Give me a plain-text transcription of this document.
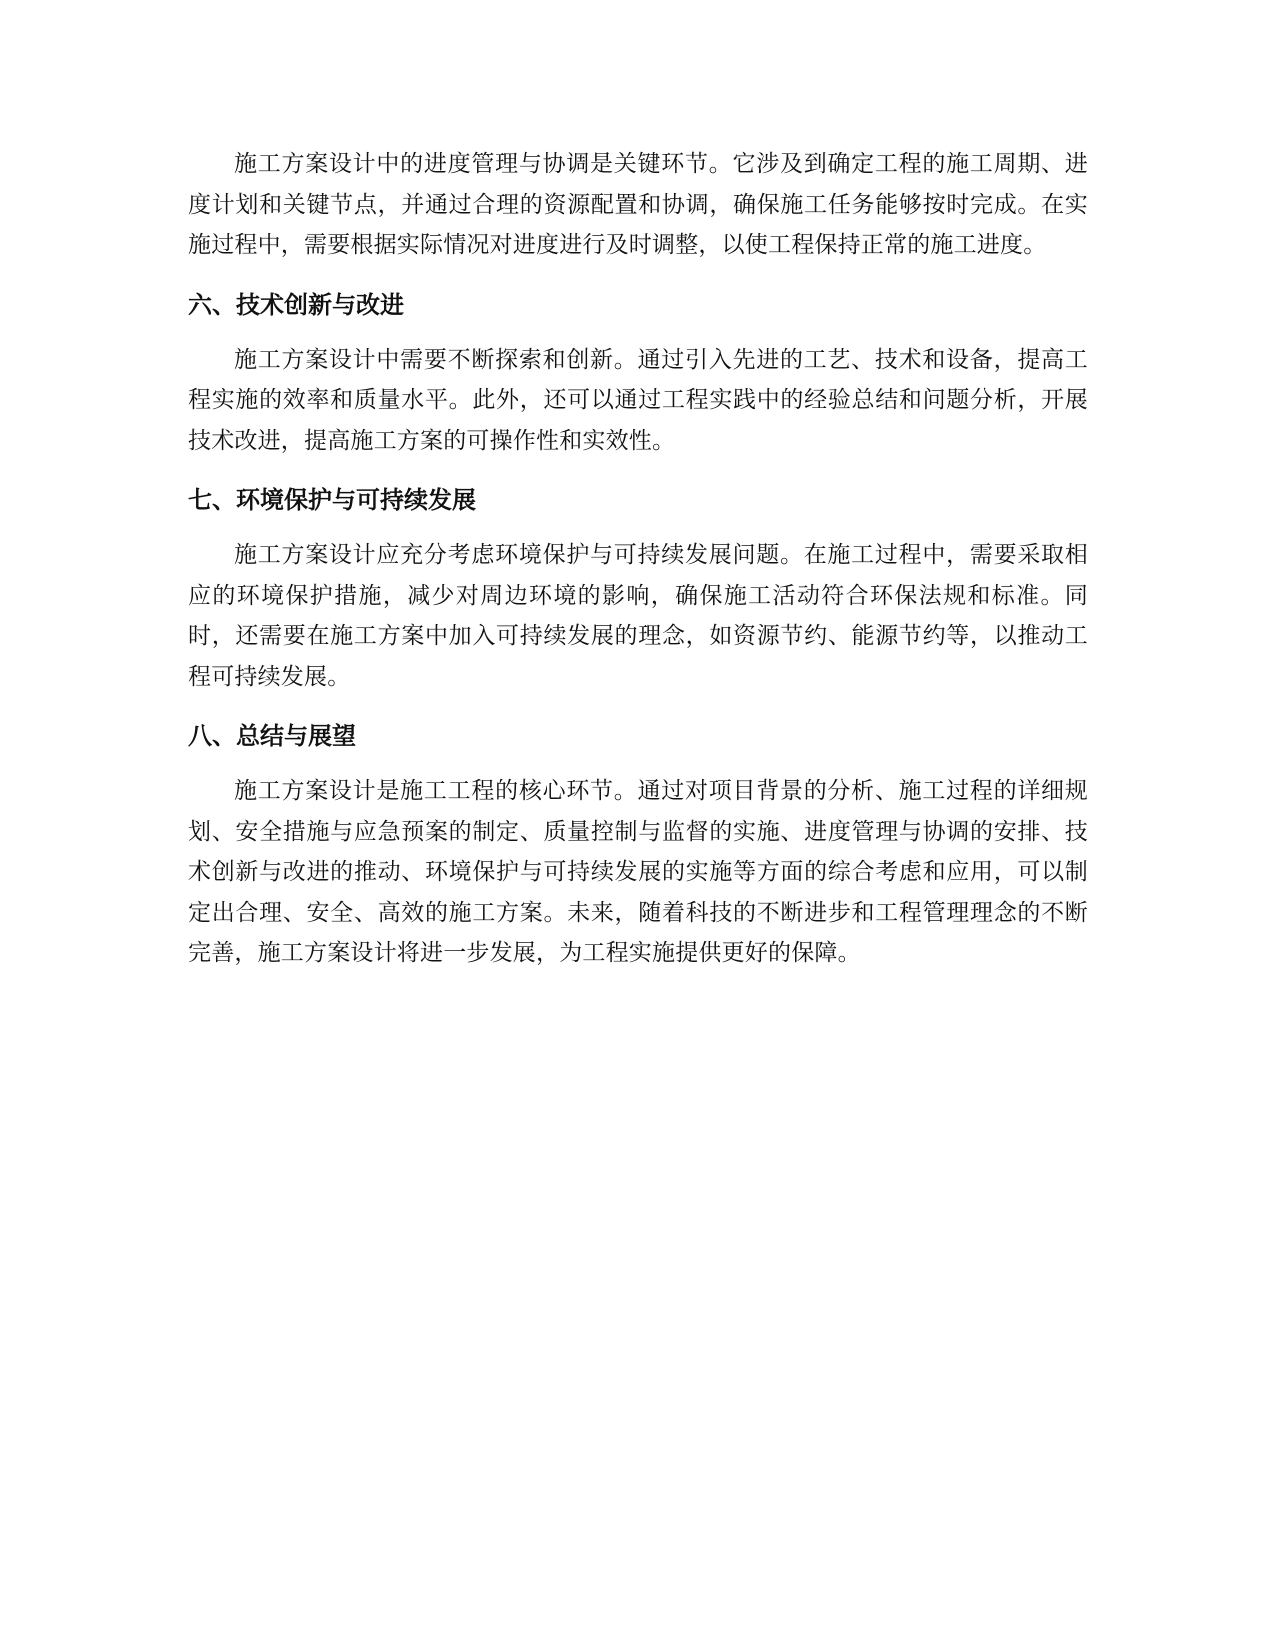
施工方案设计中的进度管理与协调是关键环节。它涉及到确定工程的施工周期、进度计划和关键节点，并通过合理的资源配置和协调，确保施工任务能够按时完成。在实施过程中，需要根据实际情况对进度进行及时调整，以使工程保持正常的施工进度。

六、技术创新与改进

施工方案设计中需要不断探索和创新。通过引入先进的工艺、技术和设备，提高工程实施的效率和质量水平。此外，还可以通过工程实践中的经验总结和问题分析，开展技术改进，提高施工方案的可操作性和实效性。

七、环境保护与可持续发展

施工方案设计应充分考虑环境保护与可持续发展问题。在施工过程中，需要采取相应的环境保护措施，减少对周边环境的影响，确保施工活动符合环保法规和标准。同时，还需要在施工方案中加入可持续发展的理念，如资源节约、能源节约等，以推动工程可持续发展。

八、总结与展望

施工方案设计是施工工程的核心环节。通过对项目背景的分析、施工过程的详细规划、安全措施与应急预案的制定、质量控制与监督的实施、进度管理与协调的安排、技术创新与改进的推动、环境保护与可持续发展的实施等方面的综合考虑和应用，可以制定出合理、安全、高效的施工方案。未来，随着科技的不断进步和工程管理理念的不断完善，施工方案设计将进一步发展，为工程实施提供更好的保障。
